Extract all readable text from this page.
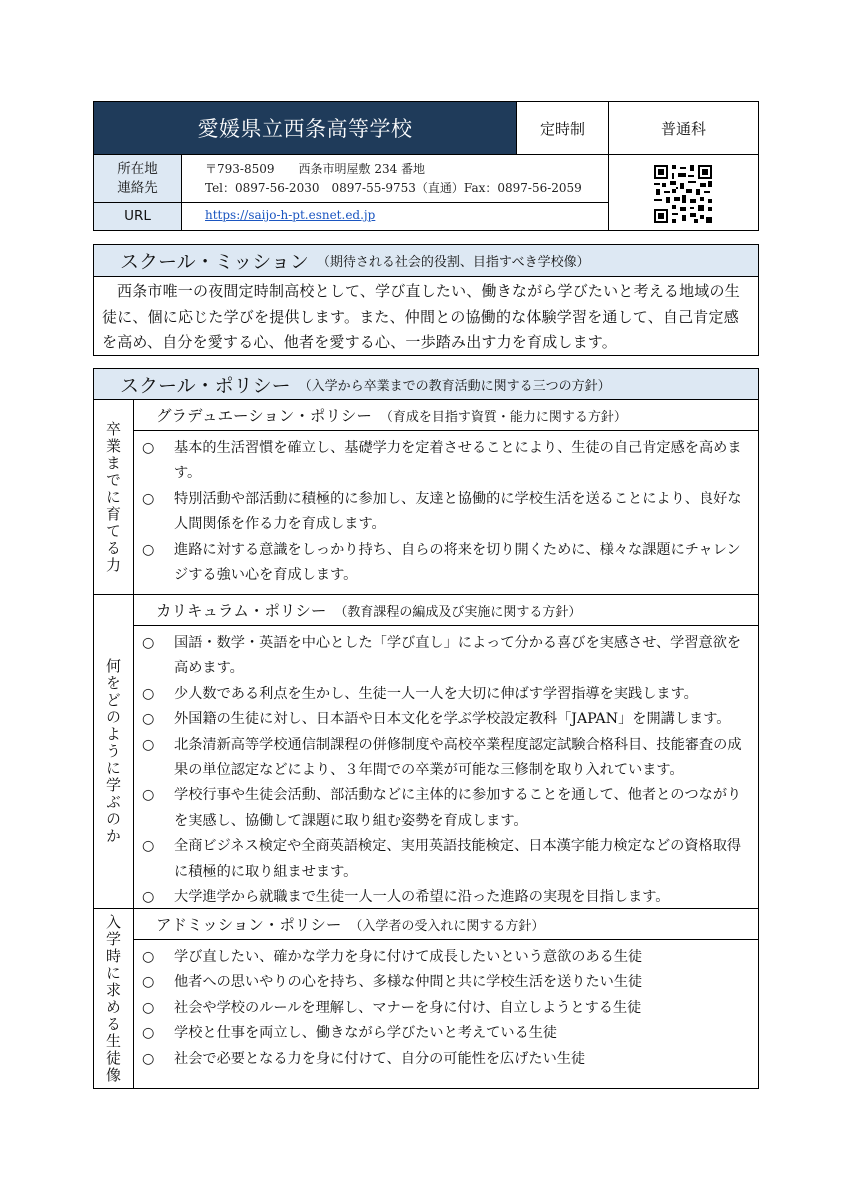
愛媛県立西条高等学校	定時制	普通科
所在地
連絡先
〒793-8509　　西条市明屋敷 234 番地
Tel：0897-56-2030　0897-55-9753（直通）Fax：0897-56-2059
URL	https://saijo-h-pt.esnet.ed.jp
スクール・ミッション （期待される社会的役割、目指すべき学校像）
西条市唯一の夜間定時制高校として、学び直したい、働きながら学びたいと考える地域の生徒に、個に応じた学びを提供します。また、仲間との協働的な体験学習を通して、自己肯定感を高め、自分を愛する心、他者を愛する心、一歩踏み出す力を育成します。
スクール・ポリシー （入学から卒業までの教育活動に関する三つの方針）
卒業までに育てる力
グラデュエーション・ポリシー （育成を目指す資質・能力に関する方針）
○	基本的生活習慣を確立し、基礎学力を定着させることにより、生徒の自己肯定感を高めます。
○	特別活動や部活動に積極的に参加し、友達と協働的に学校生活を送ることにより、良好な人間関係を作る力を育成します。
○	進路に対する意識をしっかり持ち、自らの将来を切り開くために、様々な課題にチャレンジする強い心を育成します。
何をどのように学ぶのか
カリキュラム・ポリシー （教育課程の編成及び実施に関する方針）
○	国語・数学・英語を中心とした「学び直し」によって分かる喜びを実感させ、学習意欲を高めます。
○	少人数である利点を生かし、生徒一人一人を大切に伸ばす学習指導を実践します。
○	外国籍の生徒に対し、日本語や日本文化を学ぶ学校設定教科「JAPAN」を開講します。
○	北条清新高等学校通信制課程の併修制度や高校卒業程度認定試験合格科目、技能審査の成果の単位認定などにより、３年間での卒業が可能な三修制を取り入れています。
○	学校行事や生徒会活動、部活動などに主体的に参加することを通して、他者とのつながりを実感し、協働して課題に取り組む姿勢を育成します。
○	全商ビジネス検定や全商英語検定、実用英語技能検定、日本漢字能力検定などの資格取得に積極的に取り組ませます。
○	大学進学から就職まで生徒一人一人の希望に沿った進路の実現を目指します。
入学時に求める生徒像 アドミッション・ポリシー （入学者の受入れに関する方針）
○	学び直したい、確かな学力を身に付けて成長したいという意欲のある生徒
○	他者への思いやりの心を持ち、多様な仲間と共に学校生活を送りたい生徒
○	社会や学校のルールを理解し、マナーを身に付け、自立しようとする生徒
○	学校と仕事を両立し、働きながら学びたいと考えている生徒
○	社会で必要となる力を身に付けて、自分の可能性を広げたい生徒
